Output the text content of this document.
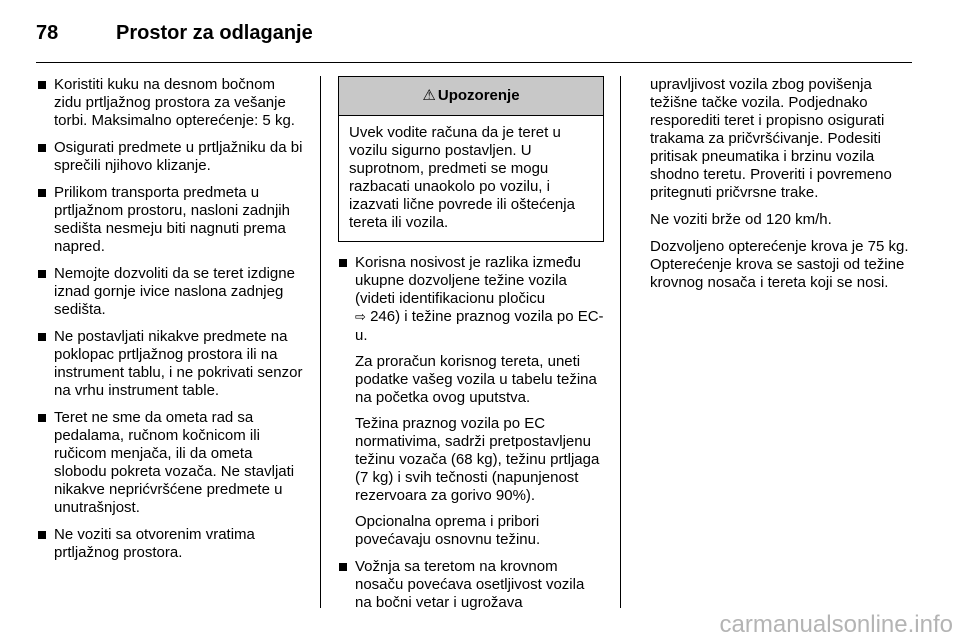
78	Prostor za odlaganje
Koristiti kuku na desnom bočnom zidu prtljažnog prostora za vešanje torbi. Maksimalno opterećenje: 5 kg.
Osigurati predmete u prtljažniku da bi sprečili njihovo klizanje.
Prilikom transporta predmeta u prtljažnom prostoru, nasloni zadnjih sedišta nesmeju biti nagnuti prema napred.
Nemojte dozvoliti da se teret izdigne iznad gornje ivice naslona zadnjeg sedišta.
Ne postavljati nikakve predmete na poklopac prtljažnog prostora ili na instrument tablu, i ne pokrivati senzor na vrhu instrument table.
Teret ne sme da ometa rad sa pedalama, ručnom kočnicom ili ručicom menjača, ili da ometa slobodu pokreta vozača. Ne stavljati nikakve neprićvršćene predmete u unutrašnjost.
Ne voziti sa otvorenim vratima prtljažnog prostora.
⚠ Upozorenje
Uvek vodite računa da je teret u vozilu sigurno postavljen. U suprotnom, predmeti se mogu razbacati unaokolo po vozilu, i izazvati lične povrede ili oštećenja tereta ili vozila.
Korisna nosivost je razlika između ukupne dozvoljene težine vozila (videti identifikacionu pločicu
⇨ 246) i težine praznog vozila po EC-u.
Za proračun korisnog tereta, uneti podatke vašeg vozila u tabelu težina na početka ovog uputstva.
Težina praznog vozila po EC normativima, sadrži pretpostavljenu težinu vozača (68 kg), težinu prtljaga (7 kg) i svih tečnosti (napunjenost rezervoara za gorivo 90%).
Opcionalna oprema i pribori povećavaju osnovnu težinu.
Vožnja sa teretom na krovnom nosaču povećava osetljivost vozila na bočni vetar i ugrožava

upravljivost vozila zbog povišenja težišne tačke vozila. Podjednako resporediti teret i propisno osigurati trakama za pričvršćivanje. Podesiti pritisak pneumatika i brzinu vozila shodno teretu. Proveriti i povremeno pritegnuti pričvrsne trake.

Ne voziti brže od 120 km/h.

Dozvoljeno opterećenje krova je 75 kg. Opterećenje krova se sastoji od težine krovnog nosača i tereta koji se nosi.

carmanualsonline.info
